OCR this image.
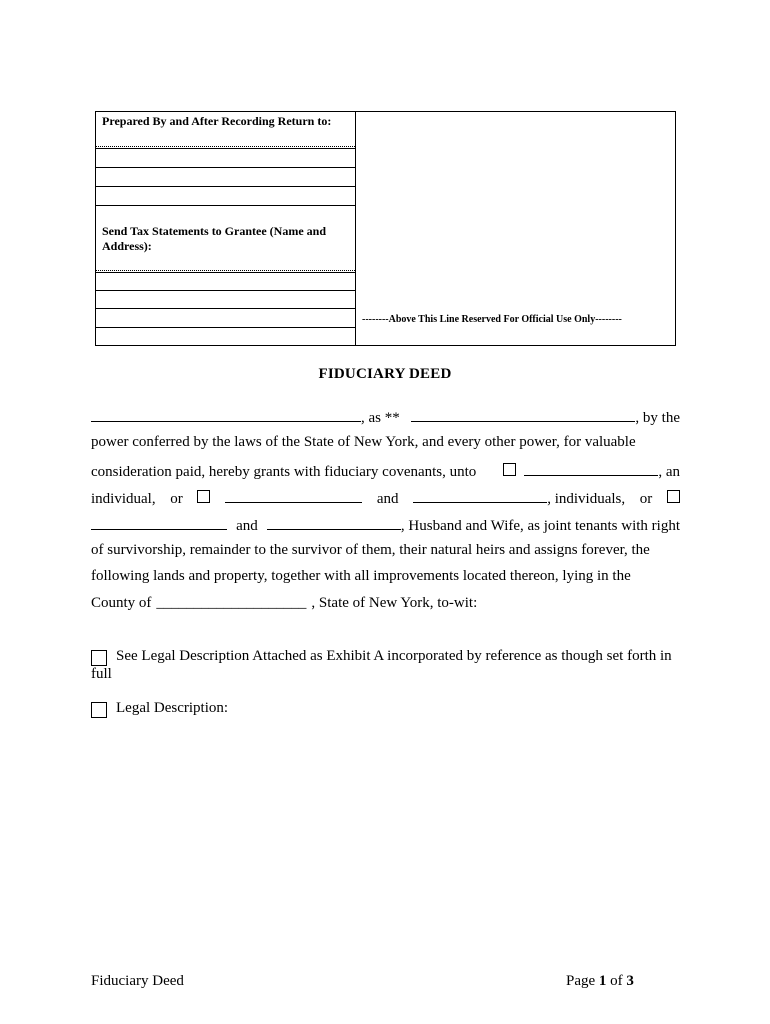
Prepared By and After Recording Return to:
Send Tax Statements to Grantee (Name and Address):
--------Above This Line Reserved For Official Use Only--------
FIDUCIARY DEED
, as **	, by the
power conferred by the laws of the State of New York, and every other power, for valuable
consideration paid, hereby grants with fiduciary covenants, unto	, an
individual, or	and	, individuals, or
and	, Husband and Wife, as joint tenants with right
of survivorship, remainder to the survivor of them, their natural heirs and assigns forever, the
following lands and property, together with all improvements located thereon, lying in the
County of ____________________ , State of New York, to-wit:
See Legal Description Attached as Exhibit A incorporated by reference as though set forth in
full
Legal Description:
Fiduciary Deed	Page 1 of 3
